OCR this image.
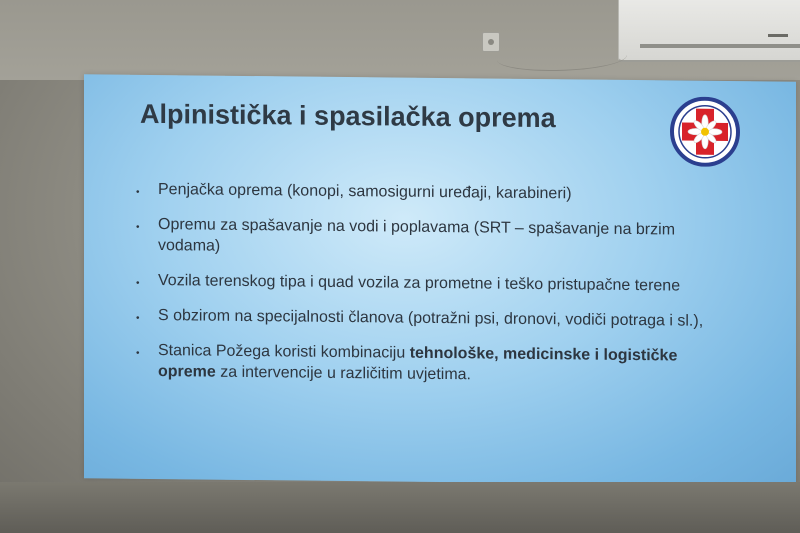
Alpinistička i spasilačka oprema
• Penjačka oprema (konopi, samosigurni uređaji, karabineri)
• Opremu za spašavanje na vodi i poplavama (SRT – spašavanje na brzim vodama)
• Vozila terenskog tipa i quad vozila za prometne i teško pristupačne terene
• S obzirom na specijalnosti članova (potražni psi, dronovi, vodiči potraga i sl.),
• Stanica Požega koristi kombinaciju tehnološke, medicinske i logističke opreme za intervencije u različitim uvjetima.
